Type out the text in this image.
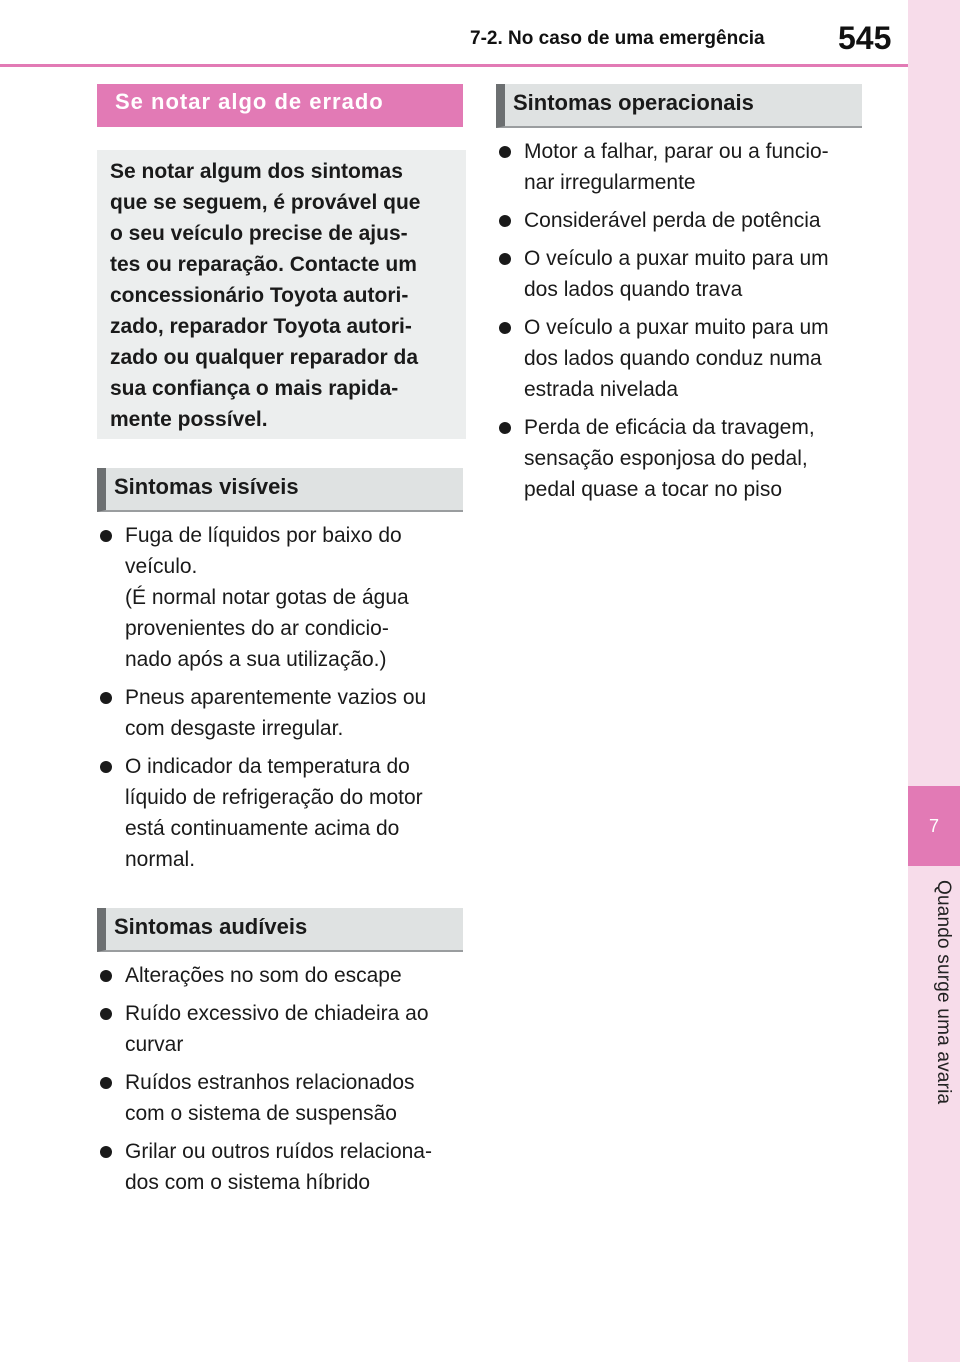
7-2. No caso de uma emergência 545
7
Quando surge uma avaria
Se notar algo de errado

Se notar algum dos sintomas

que se seguem, é provável que

o seu veículo precise de ajus-

tes ou reparação. Contacte um

concessionário Toyota autori-

zado, reparador Toyota autori-

zado ou qualquer reparador da

sua confiança o mais rapida-

mente possível.

Sintomas visíveis
Fuga de líquidos por baixo do
veículo.
(É normal notar gotas de água
provenientes do ar condicio-
nado após a sua utilização.)
Pneus aparentemente vazios ou
com desgaste irregular.
O indicador da temperatura do
líquido de refrigeração do motor
está continuamente acima do
normal.
Sintomas audíveis
Alterações no som do escape
Ruído excessivo de chiadeira ao
curvar
Ruídos estranhos relacionados
com o sistema de suspensão
Grilar ou outros ruídos relaciona-
dos com o sistema híbrido
Sintomas operacionais
Motor a falhar, parar ou a funcio-
nar irregularmente
Considerável perda de potência
O veículo a puxar muito para um
dos lados quando trava
O veículo a puxar muito para um
dos lados quando conduz numa
estrada nivelada
Perda de eficácia da travagem,
sensação esponjosa do pedal,
pedal quase a tocar no piso
